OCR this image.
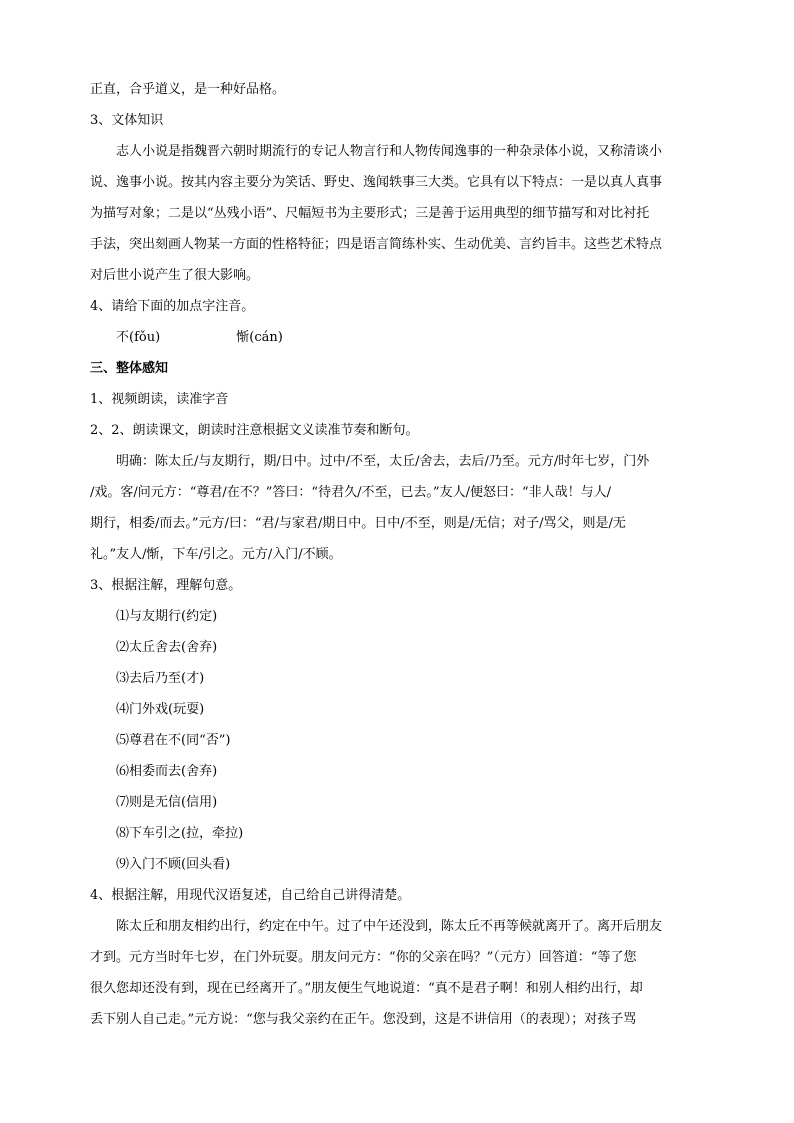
正直，合乎道义，是一种好品格。
3、文体知识
志人小说是指魏晋六朝时期流行的专记人物言行和人物传闻逸事的一种杂录体小说，又称清谈小
说、逸事小说。按其内容主要分为笑话、野史、逸闻轶事三大类。它具有以下特点：一是以真人真事
为描写对象；二是以“丛残小语”、尺幅短书为主要形式；三是善于运用典型的细节描写和对比衬托
手法，突出刻画人物某一方面的性格特征；四是语言简练朴实、生动优美、言约旨丰。这些艺术特点
对后世小说产生了很大影响。
4、请给下面的加点字注音。
不(fǒu)	惭(cán)
三、整体感知
1、视频朗读，读准字音
2、2、朗读课文，朗读时注意根据文义读准节奏和断句。
明确：陈太丘/与友期行，期/日中。过中/不至，太丘/舍去，去后/乃至。元方/时年七岁，门外
/戏。客/问元方：“尊君/在不？”答曰：“待君久/不至，已去。”友人/便怒曰：“非人哉！与人/
期行，相委/而去。”元方/曰：“君/与家君/期日中。日中/不至，则是/无信；对子/骂父，则是/无
礼。”友人/惭，下车/引之。元方/入门/不顾。
3、根据注解，理解句意。
⑴与友期行(约定)
⑵太丘舍去(舍弃)
⑶去后乃至(才)
⑷门外戏(玩耍)
⑸尊君在不(同“否”)
⑹相委而去(舍弃)
⑺则是无信(信用)
⑻下车引之(拉，牵拉)
⑼入门不顾(回头看)
4、根据注解，用现代汉语复述，自己给自己讲得清楚。
陈太丘和朋友相约出行，约定在中午。过了中午还没到，陈太丘不再等候就离开了。离开后朋友
才到。元方当时年七岁，在门外玩耍。朋友问元方：“你的父亲在吗？”（元方）回答道：“等了您
很久您却还没有到，现在已经离开了。”朋友便生气地说道：“真不是君子啊！和别人相约出行，却
丢下别人自己走。”元方说：“您与我父亲约在正午。您没到，这是不讲信用（的表现）；对孩子骂
